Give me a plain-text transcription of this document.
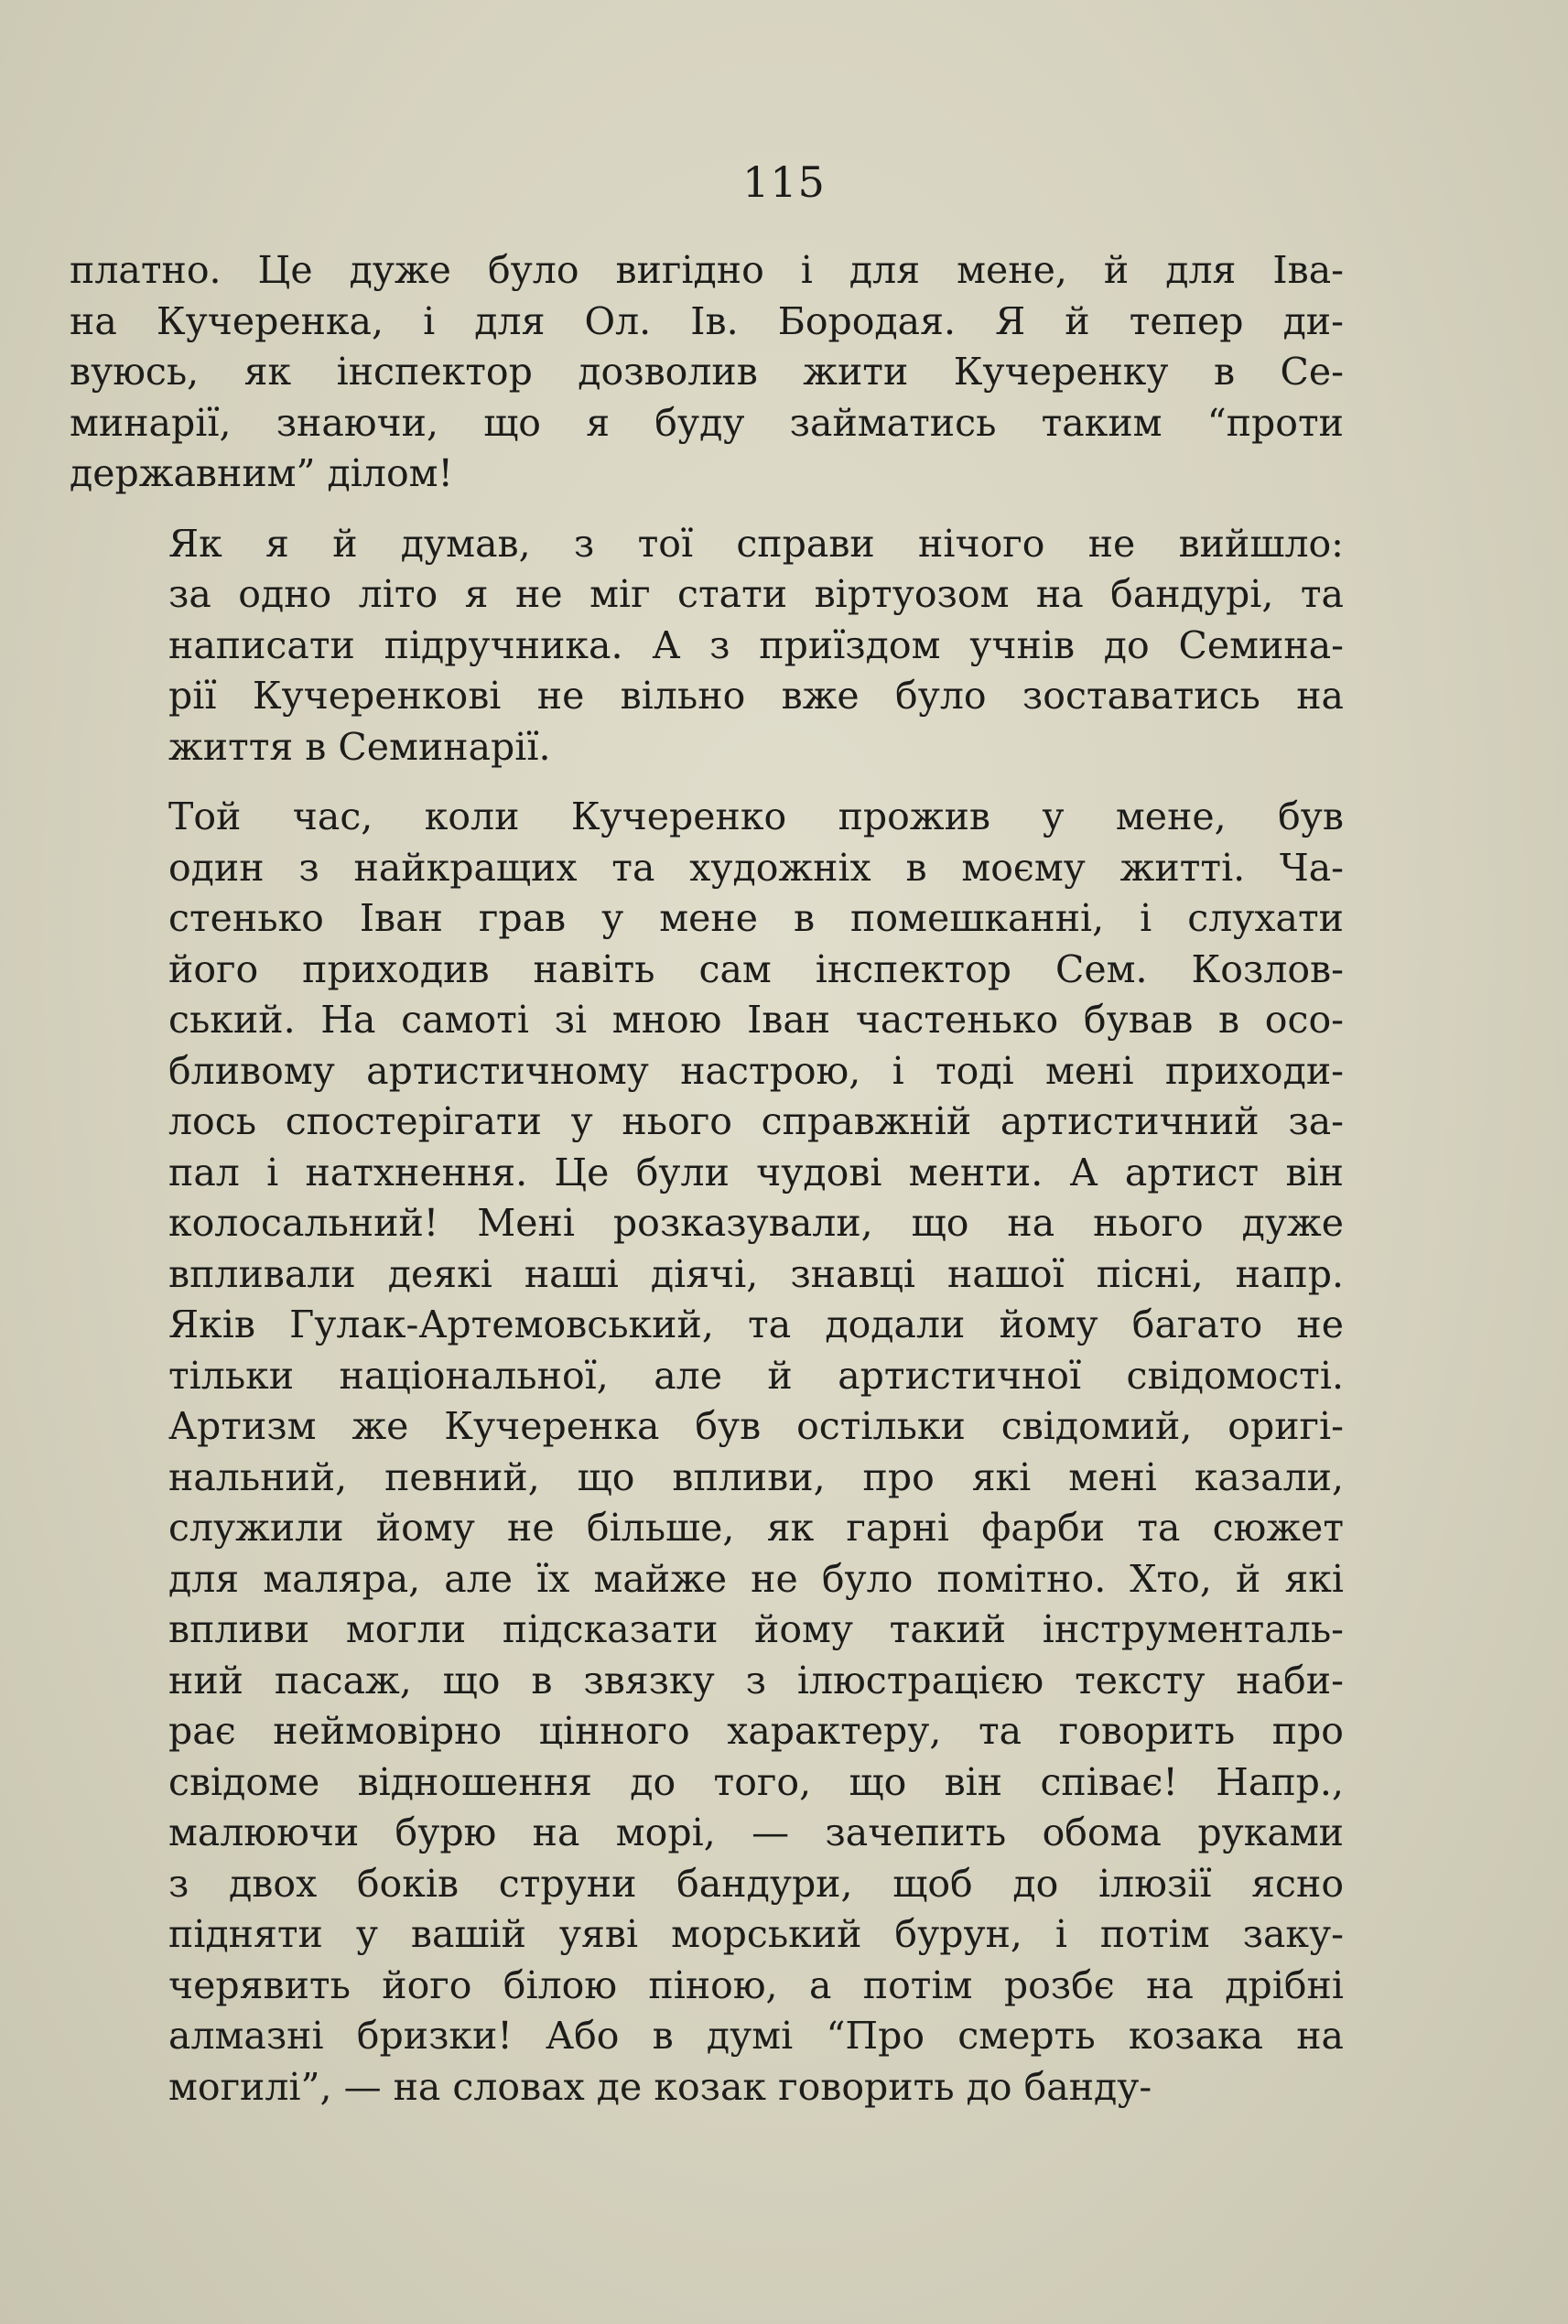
115

платно. Це дуже було вигідно і для мене, й для Іва-
на Кучеренка, і для Ол. Ів. Бородая. Я й тепер ди-
вуюсь, як інспектор дозволив жити Кучеренку в Се-
минарії, знаючи, що я буду займатись таким “проти
державним” ділом!

Як я й думав, з тої справи нічого не вийшло:
за одно літо я не міг стати віртуозом на бандурі, та
написати підручника. А з приїздом учнів до Семина-
рії Кучеренкові не вільно вже було зоставатись на
життя в Семинарії.

Той час, коли Кучеренко прожив у мене, був
один з найкращих та художніх в моєму житті. Ча-
стенько Іван грав у мене в помешканні, і слухати
його приходив навіть сам інспектор Сем. Козлов-
ський. На самоті зі мною Іван частенько бував в осо-
бливому артистичному настрою, і тоді мені приходи-
лось спостерігати у нього справжній артистичний за-
пал і натхнення. Це були чудові менти. А артист він
колосальний! Мені розказували, що на нього дуже
впливали деякі наші діячі, знавці нашої пісні, напр.
Яків Гулак-Артемовський, та додали йому багато не
тільки національної, але й артистичної свідомості.
Артизм же Кучеренка був остільки свідомий, оригі-
нальний, певний, що впливи, про які мені казали,
служили йому не більше, як гарні фарби та сюжет
для маляра, але їх майже не було помітно. Хто, й які
впливи могли підсказати йому такий інструменталь-
ний пасаж, що в звязку з ілюстрацією тексту наби-
рає неймовірно цінного характеру, та говорить про
свідоме відношення до того, що він співає! Напр.,
малюючи бурю на морі, — зачепить обома руками
з двох боків струни бандури, щоб до ілюзії ясно
підняти у вашій уяві морський бурун, і потім заку-
черявить його білою піною, а потім розбє на дрібні
алмазні бризки! Або в думі “Про смерть козака на
могилі”, — на словах де козак говорить до банду-
